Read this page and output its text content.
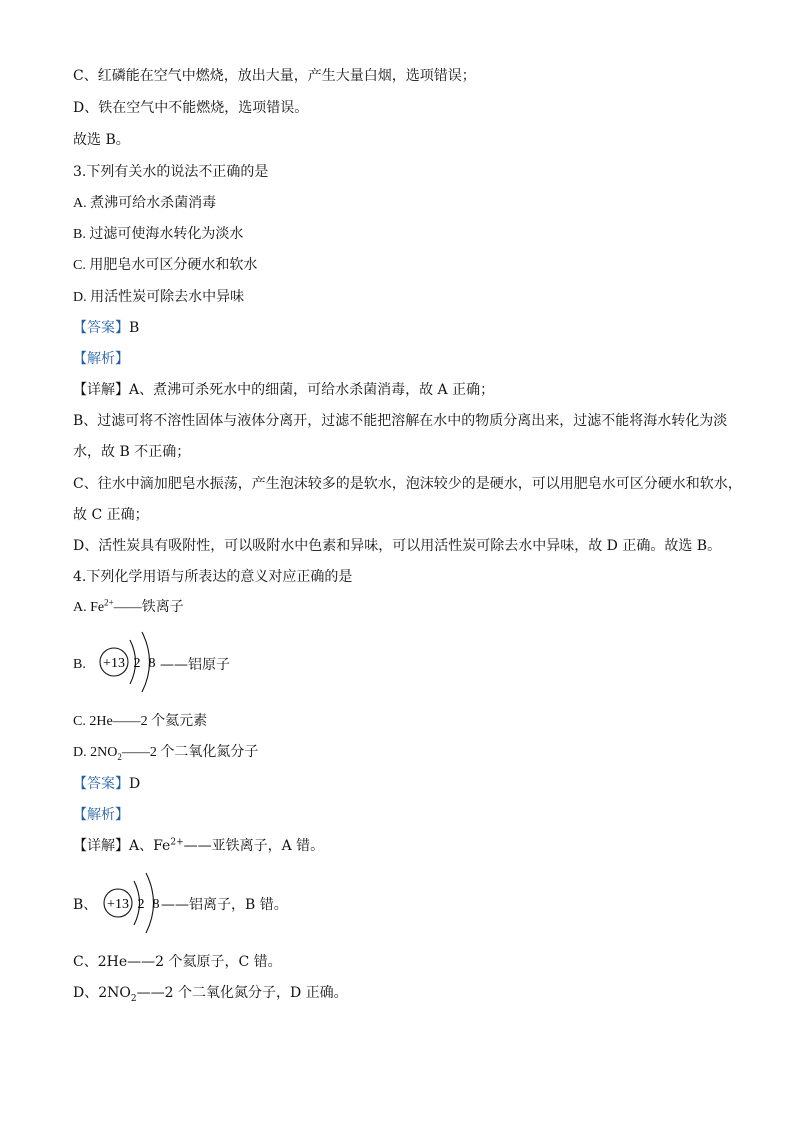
C、红磷能在空气中燃烧，放出大量，产生大量白烟，选项错误；
D、铁在空气中不能燃烧，选项错误。
故选 B。
3.下列有关水的说法不正确的是
A. 煮沸可给水杀菌消毒
B. 过滤可使海水转化为淡水
C. 用肥皂水可区分硬水和软水
D. 用活性炭可除去水中异味
【答案】B
【解析】
【详解】A、煮沸可杀死水中的细菌，可给水杀菌消毒，故 A 正确；
B、过滤可将不溶性固体与液体分离开，过滤不能把溶解在水中的物质分离出来，过滤不能将海水转化为淡
水，故 B 不正确；
C、往水中滴加肥皂水振荡，产生泡沫较多的是软水，泡沫较少的是硬水，可以用肥皂水可区分硬水和软水，
故 C 正确；
D、活性炭具有吸附性，可以吸附水中色素和异味，可以用活性炭可除去水中异味，故 D 正确。故选 B。
4.下列化学用语与所表达的意义对应正确的是
A. $Fe^{2+}——$铁离子
B. +13 2 8 ——铝原子
C. 2He——2 个氦元素
D. $2NO_2——2$ 个二氧化氮分子
【答案】D
【解析】
【详解】A、$Fe^{2+}——$亚铁离子，A 错。
B、 +13 2 8 ——铝离子，B 错。
C、2He——2 个氦原子，C 错。
D、$2NO_2——2$ 个二氧化氮分子，D 正确。
